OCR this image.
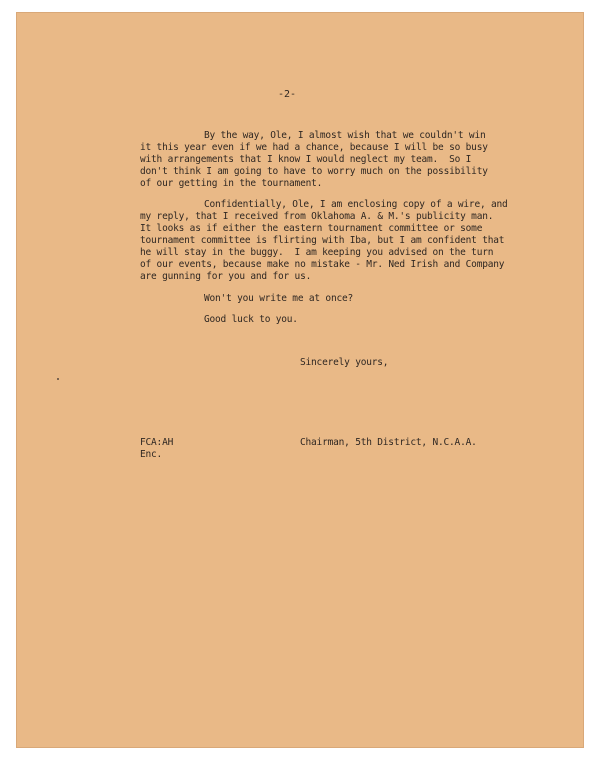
-2-
By the way, Ole, I almost wish that we couldn't win
it this year even if we had a chance, because I will be so busy
with arrangements that I know I would neglect my team.  So I
don't think I am going to have to worry much on the possibility
of our getting in the tournament.
Confidentially, Ole, I am enclosing copy of a wire, and
my reply, that I received from Oklahoma A. & M.'s publicity man.
It looks as if either the eastern tournament committee or some
tournament committee is flirting with Iba, but I am confident that
he will stay in the buggy.  I am keeping you advised on the turn
of our events, because make no mistake - Mr. Ned Irish and Company
are gunning for you and for us.
Won't you write me at once?
Good luck to you.
Sincerely yours,
FCA:AH
Enc.
Chairman, 5th District, N.C.A.A.
